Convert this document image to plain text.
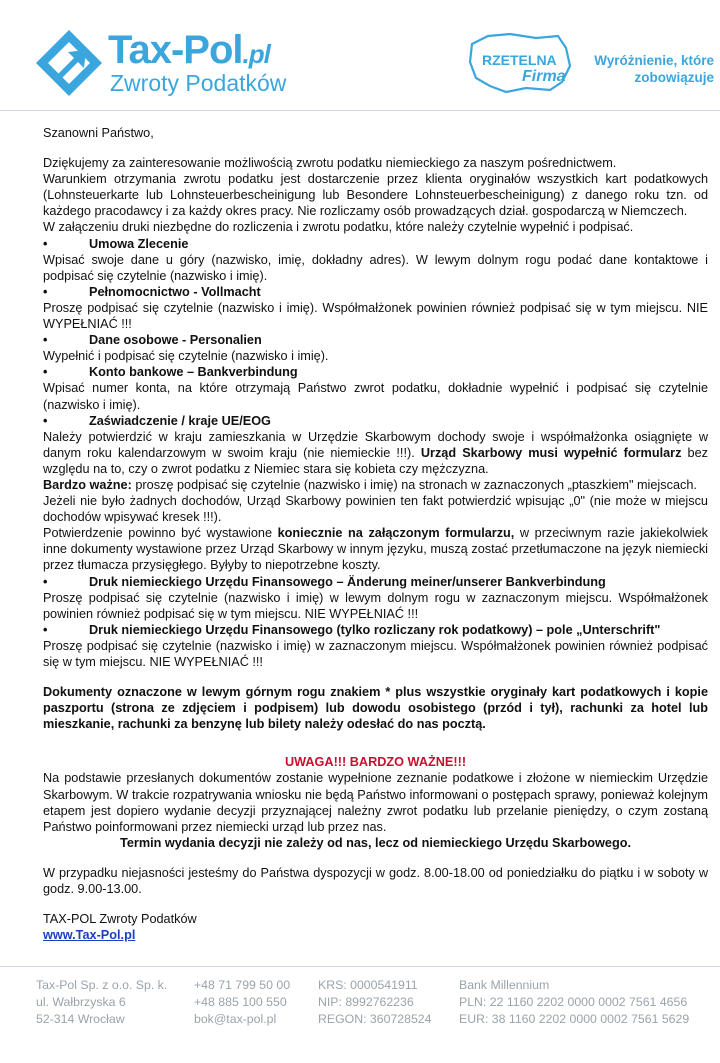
Tax-Pol.pl
Zwroty Podatków
RZETELNA
Firma
Wyróżnienie, które
zobowiązuje

Szanowni Państwo,

Dziękujemy za zainteresowanie możliwością zwrotu podatku niemieckiego za naszym pośrednictwem.

Warunkiem otrzymania zwrotu podatku jest dostarczenie przez klienta oryginałów wszystkich kart podatkowych (Lohnsteuerkarte lub Lohnsteuerbescheinigung lub Besondere Lohnsteuerbescheinigung) z danego roku tzn. od każdego pracodawcy i za każdy okres pracy. Nie rozliczamy osób prowadzących dział. gospodarczą w Niemczech.

W załączeniu druki niezbędne do rozliczenia i zwrotu podatku, które należy czytelnie wypełnić i podpisać.

•	Umowa Zlecenie

Wpisać swoje dane u góry (nazwisko, imię, dokładny adres). W lewym dolnym rogu podać dane kontaktowe i podpisać się czytelnie (nazwisko i imię).

•	Pełnomocnictwo - Vollmacht

Proszę podpisać się czytelnie (nazwisko i imię). Współmałżonek powinien również podpisać się w tym miejscu. NIE WYPEŁNIAĆ !!!

•	Dane osobowe - Personalien

Wypełnić i podpisać się czytelnie (nazwisko i imię).

•	Konto bankowe – Bankverbindung

Wpisać numer konta, na które otrzymają Państwo zwrot podatku, dokładnie wypełnić i podpisać się czytelnie (nazwisko i imię).

•	Zaświadczenie / kraje UE/EOG

Należy potwierdzić w kraju zamieszkania w Urzędzie Skarbowym dochody swoje i współmałżonka osiągnięte w danym roku kalendarzowym w swoim kraju (nie niemieckie !!!). Urząd Skarbowy musi wypełnić formularz bez względu na to, czy o zwrot podatku z Niemiec stara się kobieta czy mężczyzna.

Bardzo ważne: proszę podpisać się czytelnie (nazwisko i imię) na stronach w zaznaczonych „ptaszkiem" miejscach.

Jeżeli nie było żadnych dochodów, Urząd Skarbowy powinien ten fakt potwierdzić wpisując „0" (nie może w miejscu dochodów wpisywać kresek !!!).

Potwierdzenie powinno być wystawione koniecznie na załączonym formularzu, w przeciwnym razie jakiekolwiek inne dokumenty wystawione przez Urząd Skarbowy w innym języku, muszą zostać przetłumaczone na język niemiecki przez tłumacza przysięgłego. Byłyby to niepotrzebne koszty.

•	Druk niemieckiego Urzędu Finansowego – Änderung meiner/unserer Bankverbindung

Proszę podpisać się czytelnie (nazwisko i imię) w lewym dolnym rogu w zaznaczonym miejscu. Współmałżonek powinien również podpisać się w tym miejscu. NIE WYPEŁNIAĆ !!!

•	Druk niemieckiego Urzędu Finansowego (tylko rozliczany rok podatkowy) – pole „Unterschrift"

Proszę podpisać się czytelnie (nazwisko i imię) w zaznaczonym miejscu. Współmałżonek powinien również podpisać się w tym miejscu. NIE WYPEŁNIAĆ !!!

Dokumenty oznaczone w lewym górnym rogu znakiem * plus wszystkie oryginały kart podatkowych i kopie paszportu (strona ze zdjęciem i podpisem) lub dowodu osobistego (przód i tył), rachunki za hotel lub mieszkanie, rachunki za benzynę lub bilety należy odesłać do nas pocztą.

UWAGA!!! BARDZO WAŻNE!!!

Na podstawie przesłanych dokumentów zostanie wypełnione zeznanie podatkowe i złożone w niemieckim Urzędzie Skarbowym. W trakcie rozpatrywania wniosku nie będą Państwo informowani o postępach sprawy, ponieważ kolejnym etapem jest dopiero wydanie decyzji przyznającej należny zwrot podatku lub przelanie pieniędzy, o czym zostaną Państwo poinformowani przez niemiecki urząd lub przez nas.

Termin wydania decyzji nie zależy od nas, lecz od niemieckiego Urzędu Skarbowego.

W przypadku niejasności jesteśmy do Państwa dyspozycji w godz. 8.00-18.00 od poniedziałku do piątku i w soboty w godz. 9.00-13.00.

TAX-POL Zwroty Podatków

www.Tax-Pol.pl

Tax-Pol Sp. z o.o. Sp. k.
ul. Wałbrzyska 6
52-314 Wrocław
+48 71 799 50 00
+48 885 100 550
bok@tax-pol.pl
KRS: 0000541911
NIP: 8992762236
REGON: 360728524
Bank Millennium
PLN: 22 1160 2202 0000 0002 7561 4656
EUR: 38 1160 2202 0000 0002 7561 5629
